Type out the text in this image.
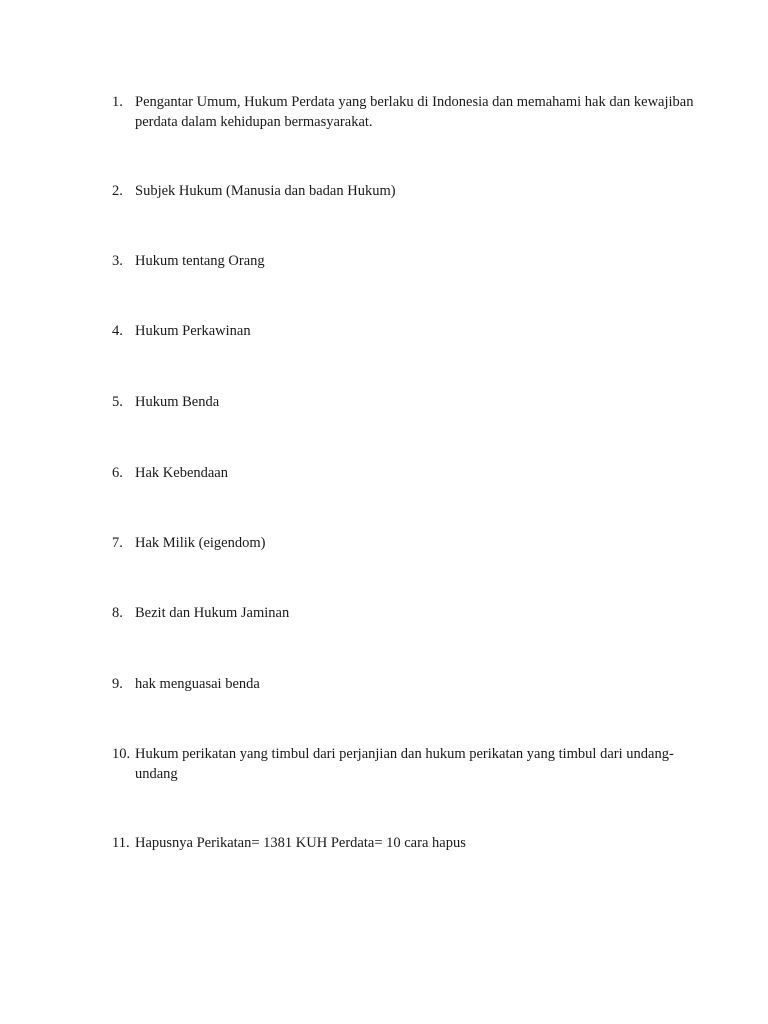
1. Pengantar Umum, Hukum Perdata yang berlaku di Indonesia dan memahami hak dan kewajiban
perdata dalam kehidupan bermasyarakat.
2. Subjek Hukum (Manusia dan badan Hukum)
3. Hukum tentang Orang
4. Hukum Perkawinan
5. Hukum Benda
6. Hak Kebendaan
7. Hak Milik (eigendom)
8. Bezit dan Hukum Jaminan
9. hak menguasai benda
10. Hukum perikatan yang timbul dari perjanjian dan hukum perikatan yang timbul dari undang-
undang
11. Hapusnya Perikatan= 1381 KUH Perdata= 10 cara hapus
